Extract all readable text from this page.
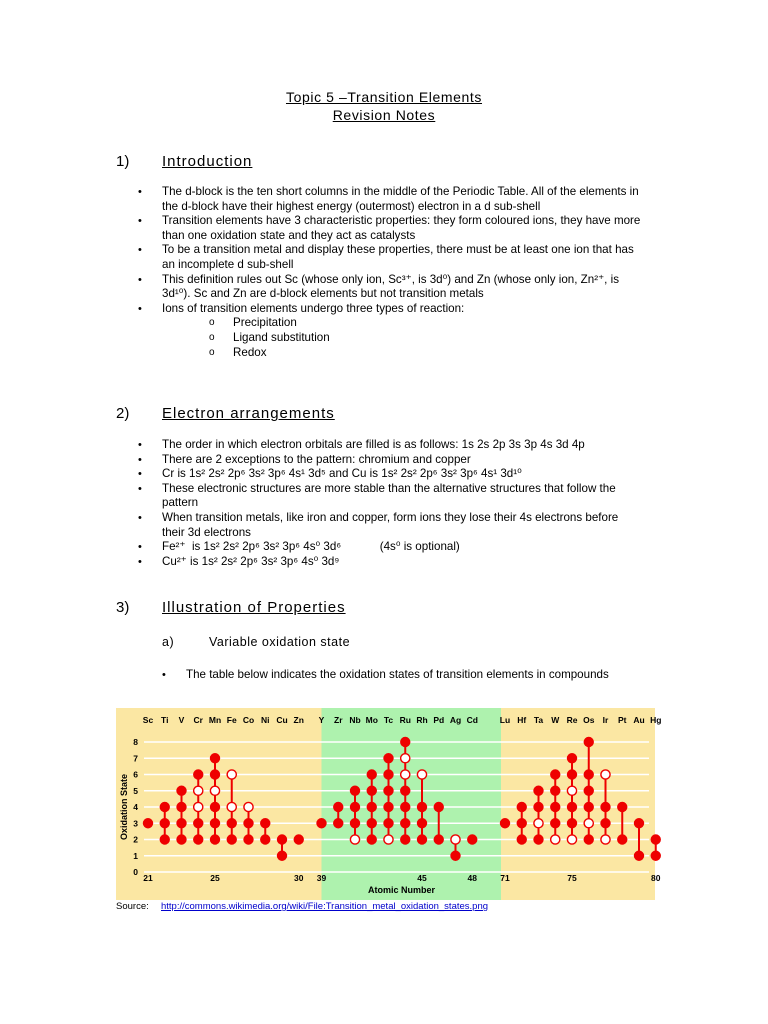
Topic 5 –Transition Elements
Revision Notes
1) Introduction
• The d-block is the ten short columns in the middle of the Periodic Table. All of the elements in the d-block have their highest energy (outermost) electron in a d sub-shell
• Transition elements have 3 characteristic properties: they form coloured ions, they have more than one oxidation state and they act as catalysts
• To be a transition metal and display these properties, there must be at least one ion that has an incomplete d sub-shell
• This definition rules out Sc (whose only ion, Sc³⁺, is 3d⁰) and Zn (whose only ion, Zn²⁺, is 3d¹⁰). Sc and Zn are d-block elements but not transition metals
• Ions of transition elements undergo three types of reaction:
o Precipitation
o Ligand substitution
o Redox
2) Electron arrangements
• The order in which electron orbitals are filled is as follows: 1s 2s 2p 3s 3p 4s 3d 4p
• There are 2 exceptions to the pattern: chromium and copper
• Cr is 1s² 2s² 2p⁶ 3s² 3p⁶ 4s¹ 3d⁵ and Cu is 1s² 2s² 2p⁶ 3s² 3p⁶ 4s¹ 3d¹⁰
• These electronic structures are more stable than the alternative structures that follow the pattern
• When transition metals, like iron and copper, form ions they lose their 4s electrons before their 3d electrons
• Fe²⁺  is 1s² 2s² 2p⁶ 3s² 3p⁶ 4s⁰ 3d⁶            (4s⁰ is optional)
• Cu²⁺ is 1s² 2s² 2p⁶ 3s² 3p⁶ 4s⁰ 3d⁹
3) Illustration of Properties
a)	Variable oxidation state
• The table below indicates the oxidation states of transition elements in compounds
0
1
2
3
4
5
6
7
8
Oxidation State
Sc Ti V Cr Mn Fe Co Ni Cu Zn Y Zr Nb Mo Tc Ru Rh Pd Ag Cd	Lu Hf Ta W Re Os Ir Pt Au Hg
21	25	30 39	45	48	71	75	80
Atomic Number
Source: http://commons.wikimedia.org/wiki/File:Transition_metal_oxidation_states.png
